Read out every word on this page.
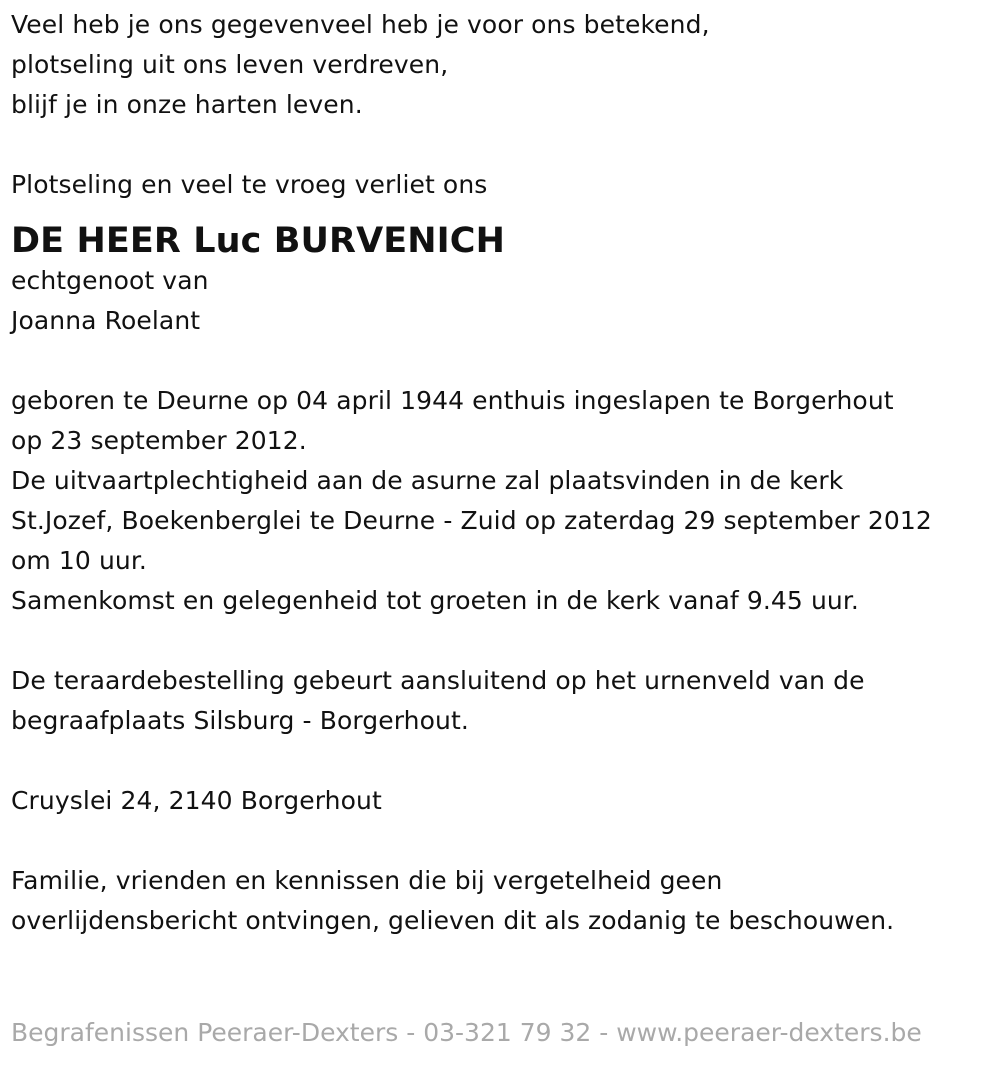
Veel heb je ons gegevenveel heb je voor ons betekend,
plotseling uit ons leven verdreven,
blijf je in onze harten leven.
Plotseling en veel te vroeg verliet ons
DE HEER Luc BURVENICH
echtgenoot van
Joanna Roelant
geboren te Deurne op 04 april 1944 enthuis ingeslapen te Borgerhout
op 23 september 2012.
De uitvaartplechtigheid aan de asurne zal plaatsvinden in de kerk
St.Jozef, Boekenberglei te Deurne - Zuid op zaterdag 29 september 2012
om 10 uur.
Samenkomst en gelegenheid tot groeten in de kerk vanaf 9.45 uur.
De teraardebestelling gebeurt aansluitend op het urnenveld van de
begraafplaats Silsburg - Borgerhout.
Cruyslei 24, 2140 Borgerhout
Familie, vrienden en kennissen die bij vergetelheid geen
overlijdensbericht ontvingen, gelieven dit als zodanig te beschouwen.
Begrafenissen Peeraer-Dexters - 03-321 79 32 - www.peeraer-dexters.be
